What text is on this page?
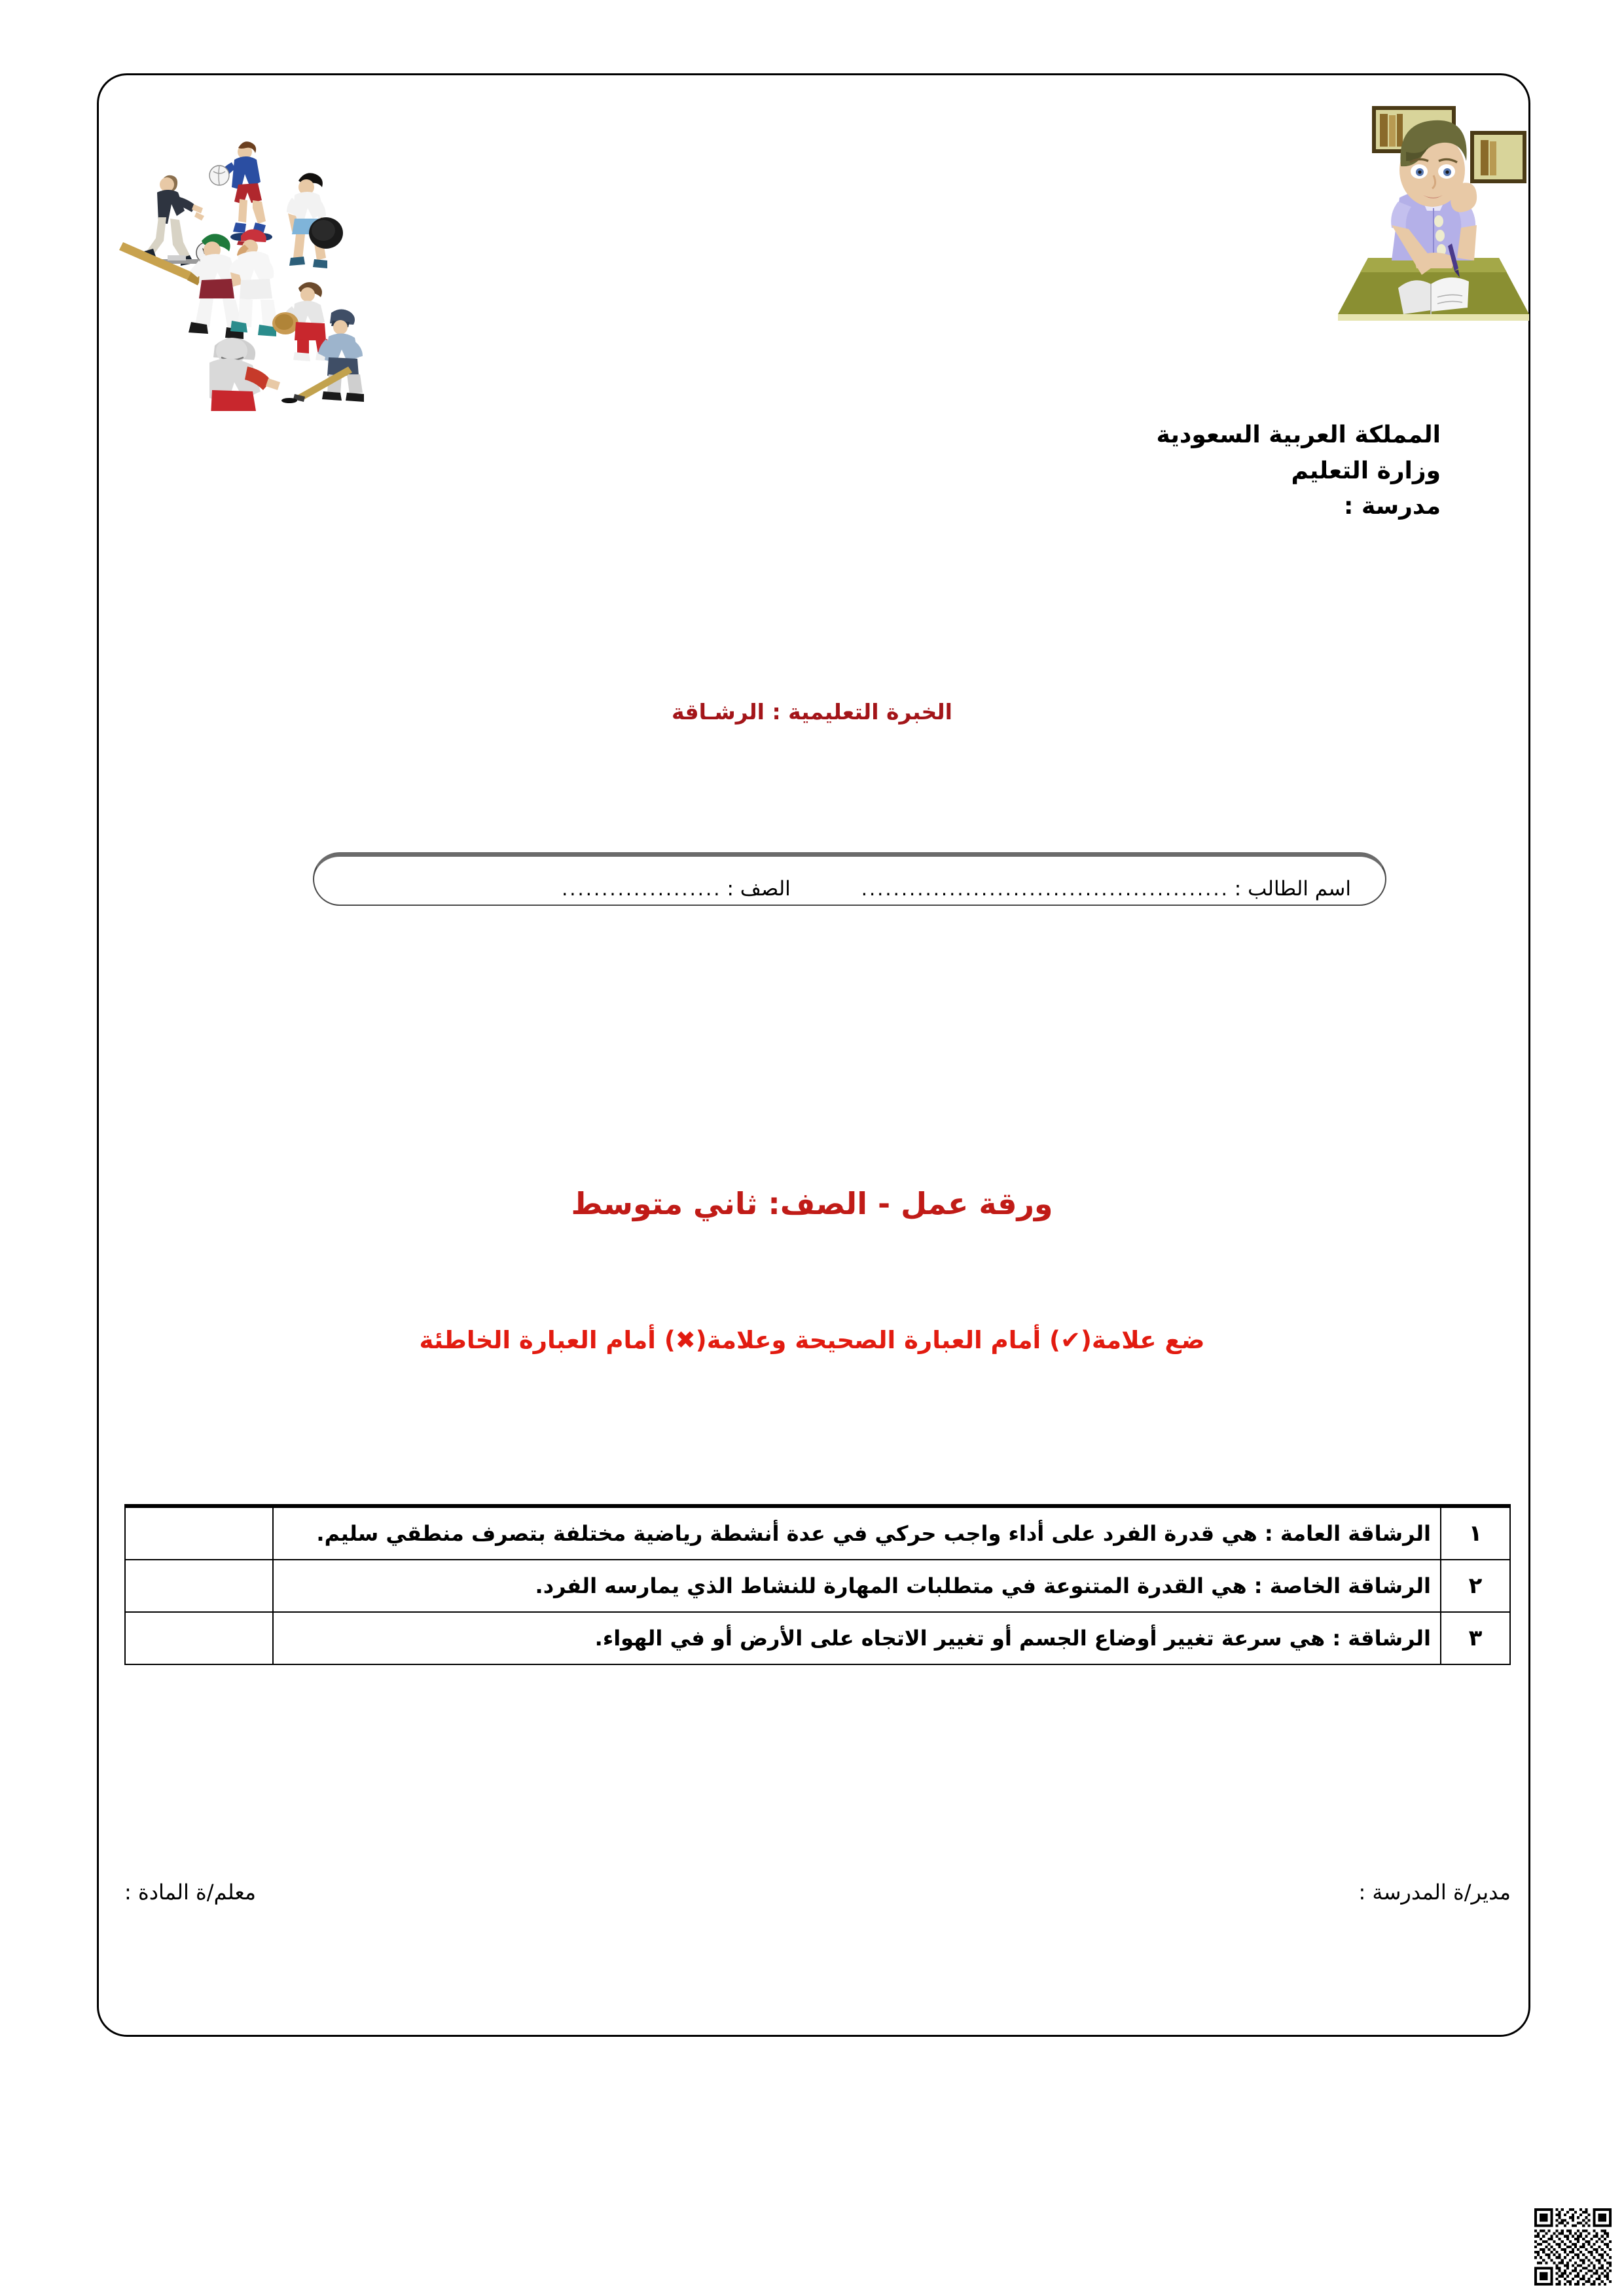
المملكة العربية السعودية
وزارة التعليم
مدرسة :
الخبرة التعليمية : الرشـاقة
اسم الطالب :
..............................................
الصف :
....................
ورقة عمل - الصف: ثاني متوسط
ضع علامة(✔) أمام العبارة الصحيحة وعلامة(✖) أمام العبارة الخاطئة
١	الرشاقة العامة : هي قدرة الفرد على أداء واجب حركي في عدة أنشطة رياضية مختلفة بتصرف منطقي سليم.	
٢	الرشاقة الخاصة : هي القدرة المتنوعة في متطلبات المهارة للنشاط الذي يمارسه الفرد.	
٣	الرشاقة : هي سرعة تغيير أوضاع الجسم أو تغيير الاتجاه على الأرض أو في الهواء.	
معلم/ة المادة :	مدير/ة المدرسة :
